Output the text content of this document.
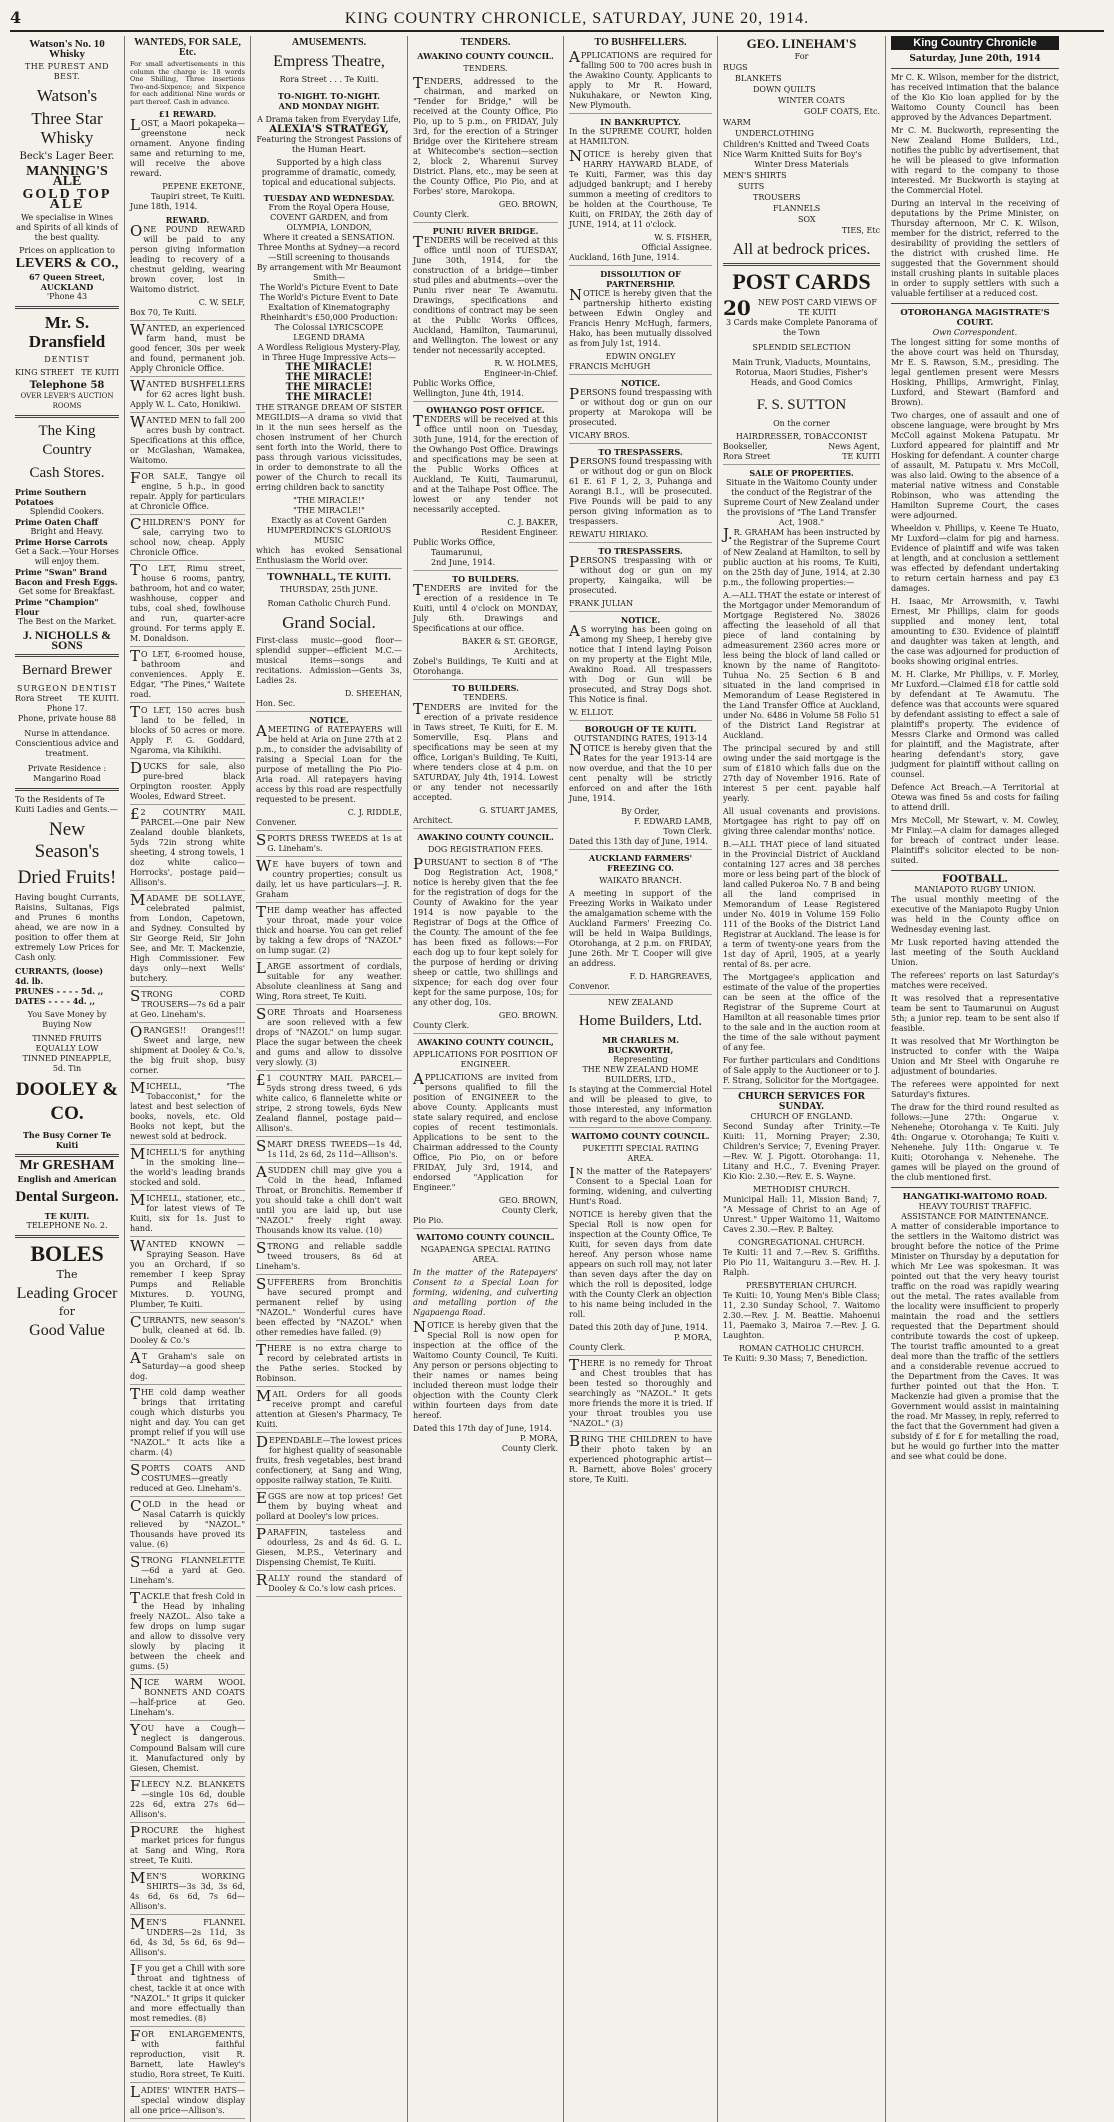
4	KING COUNTRY CHRONICLE, SATURDAY, JUNE 20, 1914.
Watson's No. 10 Whisky
THE PUREST AND BEST.
Watson's
Three Star Whisky
Beck's Lager Beer.
MANNING'S ALE
GOLD TOP ALE
We specialise in Wines and Spirits of all kinds of the best quality.
Prices on application to
LEVERS & CO.,
67 Queen Street, AUCKLAND
'Phone 43
Mr. S. Dransfield
DENTIST
KING STREET TE KUITI
Telephone 58
OVER LEVER'S AUCTION ROOMS
The King Country
Cash Stores.
Prime Southern Potatoes
Splendid Cookers.
Prime Oaten Chaff
Bright and Heavy.
Prime Horse Carrots
Get a Sack.—Your Horses will enjoy them.
Prime "Swan" Brand Bacon and Fresh Eggs.
Get some for Breakfast.
Prime "Champion" Flour
The Best on the Market.
J. NICHOLLS & SONS
Bernard Brewer
SURGEON DENTIST
Rora Street TE KUITI.
Phone 17.
Phone, private house 88
Nurse in attendance.
Conscientious advice and treatment.
Private Residence : Mangarino Road
To the Residents of Te Kuiti Ladies and Gents.—
New Season's
Dried Fruits!
Having bought Currants, Raisins, Sultanas, Figs and Prunes 6 months ahead, we are now in a position to offer them at extremely Low Prices for Cash only.
CURRANTS, (loose) 4d. lb.
PRUNES - - - - 5d. ,,
DATES - - - - 4d. ,,
You Save Money by Buying Now
TINNED FRUITS
EQUALLY LOW
TINNED PINEAPPLE, 5d. Tin
DOOLEY & CO.
The Busy Corner Te Kuiti
Mr GRESHAM
English and American
Dental Surgeon.
TE KUITI.
TELEPHONE No. 2.
BOLES
The
Leading Grocer
for
Good Value
WANTEDS, FOR SALE, Etc.
For small advertisements in this column the charge is: 18 words One Shilling, Three insertions Two-and-Sixpence; and Sixpence for each additional Nine words or part thereof. Cash in advance.
£1 REWARD.
LOST, a Maori pokapeka—greenstone neck ornament. Anyone finding same and returning to me, will receive the above reward.
PEPENE EKETONE,
Taupiri street, Te Kuiti.
June 18th, 1914.
REWARD.
ONE POUND REWARD will be paid to any person giving information leading to recovery of a chestnut gelding, wearing brown cover, lost in Waitomo district.
C. W. SELF,
Box 70, Te Kuiti.
WANTED, an experienced farm hand, must be good fencer, 30s per week and found, permanent job. Apply Chronicle Office.
WANTED BUSHFELLERS for 62 acres light bush. Apply W. L. Cato, Honikiwi.
WANTED MEN to fall 200 acres bush by contract. Specifications at this office, or McGlashan, Wamakea, Waitomo.
FOR SALE, Tangye oil engine, 5 h.p., in good repair. Apply for particulars at Chronicle Office.
CHILDREN'S PONY for sale, carrying two to school now, cheap. Apply Chronicle Office.
TO LET, Rimu street, house 6 rooms, pantry, bathroom, hot and co water, washhouse, copper and tubs, coal shed, fowlhouse and run, quarter-acre ground. For terms apply E. M. Donaldson.
TO LET, 6-roomed house, bathroom and conveniences. Apply E. Edgar, "The Pines," Waitete road.
TO LET, 150 acres bush land to be felled, in blocks of 50 acres or more. Apply F. G. Goddard, Ngaroma, via Kihikihi.
DUCKS for sale, also pure-bred black Orpington rooster. Apply Wooles, Edward Street.
£2 COUNTRY MAIL PARCEL—One pair New Zealand double blankets, 5yds 72in strong white sheeting, 4 strong towels, 1 doz white calico—Horrocks', postage paid—Allison's.
MADAME DE SOLLAYE, celebrated palmist, from London, Capetown, and Sydney. Consulted by Sir George Reid, Sir John See, and Mr. T. Mackenzie, High Commissioner. Few days only—next Wells' butchery.
STRONG CORD TROUSERS—7s 6d a pair at Geo. Lineham's.
ORANGES!! Oranges!!! Sweet and large, new shipment at Dooley & Co.'s, the big fruit shop, busy corner.
MICHELL, "The Tobacconist," for the latest and best selection of books, novels, etc. Old Books not kept, but the newest sold at bedrock.
MICHELL'S for anything in the smoking line—the world's leading brands stocked and sold.
MICHELL, stationer, etc., for latest views of Te Kuiti, six for 1s. Just to hand.
WANTED KNOWN — Spraying Season. Have you an Orchard, if so remember I keep Spray Pumps and Reliable Mixtures. D. YOUNG, Plumber, Te Kuiti.
CURRANTS, new season's bulk, cleaned at 6d. lb. Dooley & Co.'s
AT Graham's sale on Saturday—a good sheep dog.
THE cold damp weather brings that irritating cough which disturbs you night and day. You can get prompt relief if you will use "NAZOL." It acts like a charm. (4)
SPORTS COATS AND COSTUMES—greatly reduced at Geo. Lineham's.
COLD in the head or Nasal Catarrh is quickly relieved by "NAZOL." Thousands have proved its value. (6)
STRONG FLANNELETTE—6d a yard at Geo. Lineham's.
TACKLE that fresh Cold in the Head by inhaling freely NAZOL. Also take a few drops on lump sugar and allow to dissolve very slowly by placing it between the cheek and gums. (5)
NICE WARM WOOL BONNETS AND COATS—half-price at Geo. Lineham's.
YOU have a Cough—neglect is dangerous. Compound Balsam will cure it. Manufactured only by Giesen, Chemist.
FLEECY N.Z. BLANKETS—single 10s 6d, double 22s 6d, extra 27s 6d—Allison's.
PROCURE the highest market prices for fungus at Sang and Wing, Rora street, Te Kuiti.
MEN'S WORKING SHIRTS—3s 3d, 3s 6d, 4s 6d, 6s 6d, 7s 6d—Allison's.
MEN'S FLANNEL UNDERS—2s 11d, 3s 6d, 4s 3d, 5s 6d, 6s 9d—Allison's.
IF you get a Chill with sore throat and tightness of chest, tackle it at once with "NAZOL." It grips it quicker and more effectually than most remedies. (8)
FOR ENLARGEMENTS, with faithful reproduction, visit R. Barnett, late Hawley's studio, Rora street, Te Kuiti.
LADIES' WINTER HATS—special window display all one price—Allison's.
AMUSEMENTS.
Empress Theatre,
Rora Street . . . Te Kuiti.
TO-NIGHT. TO-NIGHT.
AND MONDAY NIGHT.
A Drama taken from Everyday Life,
ALEXIA'S STRATEGY,
Featuring the Strongest Passions of the Human Heart.
Supported by a high class programme of dramatic, comedy, topical and educational subjects.
TUESDAY AND WEDNESDAY.
From the Royal Opera House, COVENT GARDEN, and from OLYMPIA, LONDON,
Where it created a SENSATION.
Three Months at Sydney—a record—Still screening to thousands
By arrangement with Mr Beaumont Smith—
The World's Picture Event to Date The World's Picture Event to Date Exaltation of Kinematography Rheinhardt's £50,000 Production:
The Colossal LYRICSCOPE LEGEND DRAMA
A Wordless Religious Mystery-Play, in Three Huge Impressive Acts—
THE MIRACLE!
THE MIRACLE!
THE MIRACLE!
THE MIRACLE!
THE STRANGE DREAM OF SISTER MEGILDIS—A drama so vivid that in it the nun sees herself as the chosen instrument of her Church sent forth into the World, there to pass through various vicissitudes, in order to demonstrate to all the power of the Church to recall its erring children back to sanctity
"THE MIRACLE!"
"THE MIRACLE!"
Exactly as at Covent Garden HUMPERDINCK'S GLORIOUS MUSIC
which has evoked Sensational Enthusiasm the World over.
TOWNHALL, TE KUITI.
THURSDAY, 25th JUNE.
Roman Catholic Church Fund.
Grand Social.
First-class music—good floor—splendid supper—efficient M.C.—musical items—songs and recitations. Admission—Gents 3s, Ladies 2s.
D. SHEEHAN,
Hon. Sec.
NOTICE.
AMEETING of RATEPAYERS will be held at Aria on June 27th at 2 p.m., to consider the advisability of raising a Special Loan for the purpose of metalling the Pio Pio-Aria road. All ratepayers having access by this road are respectfully requested to be present.
C. J. RIDDLE,
Convener.
SPORTS DRESS TWEEDS at 1s at G. Lineham's.
WE have buyers of town and country properties; consult us daily, let us have particulars—J. R. Graham
THE damp weather has affected your throat, made your voice thick and hoarse. You can get relief by taking a few drops of "NAZOL" on lump sugar. (2)
LARGE assortment of cordials, suitable for any weather. Absolute cleanliness at Sang and Wing, Rora street, Te Kuiti.
SORE Throats and Hoarseness are soon relieved with a few drops of "NAZOL" on lump sugar. Place the sugar between the cheek and gums and allow to dissolve very slowly. (3)
£1 COUNTRY MAIL PARCEL—5yds strong dress tweed, 6 yds white calico, 6 flannelette white or stripe, 2 strong towels, 6yds New Zealand flannel, postage paid—Allison's.
SMART DRESS TWEEDS—1s 4d, 1s 11d, 2s 6d, 2s 11d—Allison's.
ASUDDEN chill may give you a Cold in the head, Inflamed Throat, or Bronchitis. Remember if you should take a chill don't wait until you are laid up, but use "NAZOL" freely right away. Thousands know its value. (10)
STRONG and reliable saddle tweed trousers, 8s 6d at Lineham's.
SUFFERERS from Bronchitis have secured prompt and permanent relief by using "NAZOL." Wonderful cures have been effected by "NAZOL" when other remedies have failed. (9)
THERE is no extra charge to record by celebrated artists in the Pathe series. Stocked by Robinson.
MAIL Orders for all goods receive prompt and careful attention at Giesen's Pharmacy, Te Kuiti.
DEPENDABLE—The lowest prices for highest quality of seasonable fruits, fresh vegetables, best brand confectionery, at Sang and Wing, opposite railway station, Te Kuiti.
EGGS are now at top prices! Get them by buying wheat and pollard at Dooley's low prices.
PARAFFIN, tasteless and odourless, 2s and 4s 6d. G. L. Giesen, M.P.S., Veterinary and Dispensing Chemist, Te Kuiti.
RALLY round the standard of Dooley & Co.'s low cash prices.
TENDERS.
AWAKINO COUNTY COUNCIL.
TENDERS.
TENDERS, addressed to the chairman, and marked on "Tender for Bridge," will be received at the County Office, Pio Pio, up to 5 p.m., on FRIDAY, July 3rd, for the erection of a Stringer Bridge over the Kiritehere stream at Whitecombe's section—section 2, block 2, Wharenui Survey District. Plans, etc., may be seen at the County Office, Pio Pio, and at Forbes' store, Marokopa.
GEO. BROWN,
County Clerk.
PUNIU RIVER BRIDGE.
TENDERS will be received at this office until noon of TUESDAY, June 30th, 1914, for the construction of a bridge—timber stud piles and abutments—over the Puniu river near Te Awamutu. Drawings, specifications and conditions of contract may be seen at the Public Works Offices, Auckland, Hamilton, Taumarunui, and Wellington. The lowest or any tender not necessarily accepted.
R. W. HOLMES,
Engineer-in-Chief.
Public Works Office,
Wellington, June 4th, 1914.
OWHANGO POST OFFICE.
TENDERS will be received at this office until noon on Tuesday, 30th June, 1914, for the erection of the Owhango Post Office. Drawings and specifications may be seen at the Public Works Offices at Auckland, Te Kuiti, Taumarunui, and at the Taihape Post Office. The lowest or any tender not necessarily accepted.
C. J. BAKER,
Resident Engineer.
Public Works Office,
Taumarunui,
2nd June, 1914.
TO BUILDERS.
TENDERS are invited for the erection of a residence in Te Kuiti, until 4 o'clock on MONDAY, July 6th. Drawings and Specifications at our office.
BAKER & ST. GEORGE,
Architects,
Zobel's Buildings, Te Kuiti and at Otorohanga.
TO BUILDERS.
TENDERS.
TENDERS are invited for the erection of a private residence in Taws street, Te Kuiti, for E. M. Somerville, Esq. Plans and specifications may be seen at my office, Lorigan's Building, Te Kuiti, where tenders close at 4 p.m. on SATURDAY, July 4th, 1914. Lowest or any tender not necessarily accepted.
G. STUART JAMES,
Architect.
AWAKINO COUNTY COUNCIL.
DOG REGISTRATION FEES.
PURSUANT to section 8 of "The Dog Registration Act, 1908," notice is hereby given that the fee for the registration of dogs for the County of Awakino for the year 1914 is now payable to the Registrar of Dogs at the Office of the County. The amount of the fee has been fixed as follows:—For each dog up to four kept solely for the purpose of herding or driving sheep or cattle, two shillings and sixpence; for each dog over four kept for the same purpose, 10s; for any other dog, 10s.
GEO. BROWN.
County Clerk.
AWAKINO COUNTY COUNCIL,
APPLICATIONS FOR POSITION OF ENGINEER.
APPLICATIONS are invited from persons qualified to fill the position of ENGINEER to the above County. Applicants must state salary required, and enclose copies of recent testimonials. Applications to be sent to the Chairman addressed to the County Office, Pio Pio, on or before FRIDAY, July 3rd, 1914, and endorsed "Application for Engineer."
GEO. BROWN,
County Clerk,
Pio Pio.
WAITOMO COUNTY COUNCIL.
NGAPAENGA SPECIAL RATING AREA.
In the matter of the Ratepayers' Consent to a Special Loan for forming, widening, and culverting and metalling portion of the Ngapaenga Road.
NOTICE is hereby given that the Special Roll is now open for inspection at the office of the Waitomo County Council, Te Kuiti. Any person or persons objecting to their names or names being included thereon must lodge their objection with the County Clerk within fourteen days from date hereof.
Dated this 17th day of June, 1914.
P. MORA,
County Clerk.
TO BUSHFELLERS.
APPLICATIONS are required for falling 500 to 700 acres bush in the Awakino County. Applicants to apply to Mr R. Howard, Nukuhakare, or Newton King, New Plymouth.
IN BANKRUPTCY.
In the SUPREME COURT, holden at HAMILTON.
NOTICE is hereby given that HARRY HAYWARD BLADE, of Te Kuiti, Farmer, was this day adjudged bankrupt; and I hereby summon a meeting of creditors to be holden at the Courthouse, Te Kuiti, on FRIDAY, the 26th day of JUNE, 1914, at 11 o'clock.
W. S. FISHER,
Official Assignee.
Auckland, 16th June, 1914.
DISSOLUTION OF PARTNERSHIP.
NOTICE is hereby given that the partnership hitherto existing between Edwin Ongley and Francis Henry McHugh, farmers, Hako, has been mutually dissolved as from July 1st, 1914.
EDWIN ONGLEY
FRANCIS McHUGH
NOTICE.
PERSONS found trespassing with or without dog or gun on our property at Marokopa will be prosecuted.
VICARY BROS.
TO TRESPASSERS.
PERSONS found trespassing with or without dog or gun on Block 61 E. 61 F 1, 2, 3, Puhanga and Aorangi B.1., will be prosecuted. Five Pounds will be paid to any person giving information as to trespassers.
REWATU HIRIAKO.
TO TRESPASSERS.
PERSONS trespassing with or without dog or gun on my property, Kaingaika, will be prosecuted.
FRANK JULIAN
NOTICE.
AS worrying has been going on among my Sheep, I hereby give notice that I intend laying Poison on my property at the Eight Mile, Awakino Road. All trespassers with Dog or Gun will be prosecuted, and Stray Dogs shot. This Notice is final.
W. ELLIOT.
BOROUGH OF TE KUITI.
OUTSTANDING RATES, 1913-14
NOTICE is hereby given that the Rates for the year 1913-14 are now overdue, and that the 10 per cent penalty will be strictly enforced on and after the 16th June, 1914.
By Order,
F. EDWARD LAMB,
Town Clerk.
Dated this 13th day of June, 1914.
AUCKLAND FARMERS' FREEZING CO.
WAIKATO BRANCH.
A meeting in support of the Freezing Works in Waikato under the amalgamation scheme with the Auckland Farmers' Freezing Co. will be held in Waipa Buildings, Otorohanga, at 2 p.m. on FRIDAY, June 26th. Mr T. Cooper will give an address.
F. D. HARGREAVES,
Convenor.
NEW ZEALAND
Home Builders, Ltd.
MR CHARLES M. BUCKWORTH,
Representing
THE NEW ZEALAND HOME BUILDERS, LTD.,
Is staying at the Commercial Hotel and will be pleased to give, to those interested, any information with regard to the above Company.
WAITOMO COUNTY COUNCIL.
PUKETITI SPECIAL RATING AREA.
IN the matter of the Ratepayers' Consent to a Special Loan for forming, widening, and culverting Hunt's Road.
NOTICE is hereby given that the Special Roll is now open for inspection at the County Office, Te Kuiti, for seven days from date hereof. Any person whose name appears on such roll may, not later than seven days after the day on which the roll is deposited, lodge with the County Clerk an objection to his name being included in the roll.
Dated this 20th day of June, 1914.
P. MORA,
County Clerk.
THERE is no remedy for Throat and Chest troubles that has been tested so thoroughly and searchingly as "NAZOL." It gets more friends the more it is tried. If your throat troubles you use "NAZOL." (3)
BRING THE CHILDREN to have their photo taken by an experienced photographic artist—R. Barnett, above Boles' grocery store, Te Kuiti.
GEO. LINEHAM'S
For
RUGS
BLANKETS
DOWN QUILTS
WINTER COATS
GOLF COATS, Etc.
WARM
UNDERCLOTHING
Children's Knitted and Tweed Coats
Nice Warm Knitted Suits for Boy's
Winter Dress Materials
MEN'S SHIRTS
SUITS
TROUSERS
FLANNELS
SOX
TIES, Etc
All at bedrock prices.
POST CARDS
20 NEW POST CARD VIEWS OF TE KUITI
3 Cards make Complete Panorama of the Town
SPLENDID SELECTION
Main Trunk, Viaducts, Mountains, Rotorua, Maori Studies, Fisher's Heads, and Good Comics
F. S. SUTTON
On the corner
HAIRDRESSER, TOBACCONIST
Bookseller,	News Agent,
Rora Street	TE KUITI
SALE OF PROPERTIES.
Situate in the Waitomo County under the conduct of the Registrar of the Supreme Court of New Zealand under the provisions of "The Land Transfer Act, 1908."
J.R. GRAHAM has been instructed by the Registrar of the Supreme Court of New Zealand at Hamilton, to sell by public auction at his rooms, Te Kuiti, on the 25th day of June, 1914, at 2.30 p.m., the following properties:—
A.—ALL THAT the estate or interest of the Mortgagor under Memorandum of Mortgage Registered No. 38026 affecting the leasehold of all that piece of land containing by admeasurement 2360 acres more or less being the block of land called or known by the name of Rangitoto-Tuhua No. 25 Section 6 B and situated in the land comprised in Memorandum of Lease Registered in the Land Transfer Office at Auckland, under No. 6486 in Volume 58 Folio 51 of the District Land Registrar at Auckland.
The principal secured by and still owing under the said mortgage is the sum of £1810 which falls due on the 27th day of November 1916. Rate of interest 5 per cent. payable half yearly.
All usual covenants and provisions. Mortgagee has right to pay off on giving three calendar months' notice.
B.—ALL THAT piece of land situated in the Provincial District of Auckland containing 127 acres and 38 perches more or less being part of the block of land called Pukeroa No. 7 B and being all the land comprised in Memorandum of Lease Registered under No. 4019 in Volume 159 Folio 111 of the Books of the District Land Registrar at Auckland. The lease is for a term of twenty-one years from the 1st day of April, 1905, at a yearly rental of 8s. per acre.
The Mortgagee's application and estimate of the value of the properties can be seen at the office of the Registrar of the Supreme Court at Hamilton at all reasonable times prior to the sale and in the auction room at the time of the sale without payment of any fee.
For further particulars and Conditions of Sale apply to the Auctioneer or to J. F. Strang, Solicitor for the Mortgagee.
CHURCH SERVICES FOR SUNDAY.
CHURCH OF ENGLAND.
Second Sunday after Trinity.—Te Kuiti: 11, Morning Prayer; 2.30, Children's Service; 7, Evening Prayer.—Rev. W. J. Pigott. Otorohanga: 11, Litany and H.C., 7. Evening Prayer. Kio Kio: 2.30.—Rev. E. S. Wayne.
METHODIST CHURCH.
Municipal Hall: 11, Mission Band; 7, "A Message of Christ to an Age of Unrest." Upper Waitomo 11, Waitomo Caves 2.30.—Rev. P. Baltey.
CONGREGATIONAL CHURCH.
Te Kuiti: 11 and 7.—Rev. S. Griffiths. Pio Pio 11, Waitanguru 3.—Rev. H. J. Ralph.
PRESBYTERIAN CHURCH.
Te Kuiti: 10, Young Men's Bible Class; 11, 2.30 Sunday School, 7. Waitomo 2.30.—Rev. J. M. Beattie. Mahoenui 11, Paemako 3, Mairoa 7.—Rev. J. G. Laughton.
ROMAN CATHOLIC CHURCH.
Te Kuiti: 9.30 Mass; 7, Benediction.
King Country Chronicle
Saturday, June 20th, 1914
Mr C. K. Wilson, member for the district, has received intimation that the balance of the Kio Kio loan applied for by the Waitomo County Council has been approved by the Advances Department.
Mr C. M. Buckworth, representing the New Zealand Home Builders, Ltd., notifies the public by advertisement, that he will be pleased to give information with regard to the company to those interested. Mr Buckworth is staying at the Commercial Hotel.
During an interval in the receiving of deputations by the Prime Minister, on Thursday afternoon, Mr C. K. Wilson, member for the district, referred to the desirability of providing the settlers of the district with crushed lime. He suggested that the Government should install crushing plants in suitable places in order to supply settlers with such a valuable fertiliser at a reduced cost.
OTOROHANGA MAGISTRATE'S COURT.
Own Correspondent.
The longest sitting for some months of the above court was held on Thursday, Mr E. S. Rawson, S.M., presiding. The legal gentlemen present were Messrs Hosking, Phillips, Armwright, Finlay, Luxford, and Stewart (Bamford and Brown).
Two charges, one of assault and one of obscene language, were brought by Mrs McColl against Mokena Patupatu. Mr Luxford appeared for plaintiff and Mr Hosking for defendant. A counter charge of assault, M. Patupatu v. Mrs McColl, was also laid. Owing to the absence of a material native witness and Constable Robinson, who was attending the Hamilton Supreme Court, the cases were adjourned.
Wheeldon v. Phillips, v. Keene Te Huato, Mr Luxford—claim for pig and harness. Evidence of plaintiff and wife was taken at length, and at conclusion a settlement was effected by defendant undertaking to return certain harness and pay £3 damages.
H. Isaac, Mr Arrowsmith, v. Tawhi Ernest, Mr Phillips, claim for goods supplied and money lent, total amounting to £30. Evidence of plaintiff and daughter was taken at length, and the case was adjourned for production of books showing original entries.
M. H. Clarke, Mr Phillips, v. F. Morley, Mr Luxford.—Claimed £18 for cattle sold by defendant at Te Awamutu. The defence was that accounts were squared by defendant assisting to effect a sale of plaintiff's property. The evidence of Messrs Clarke and Ormond was called for plaintiff, and the Magistrate, after hearing defendant's story, gave judgment for plaintiff without calling on counsel.
Defence Act Breach.—A Territorial at Otewa was fined 5s and costs for failing to attend drill.
Mrs McColl, Mr Stewart, v. M. Cowley, Mr Finlay.—A claim for damages alleged for breach of contract under lease. Plaintiff's solicitor elected to be non-suited.
FOOTBALL.
MANIAPOTO RUGBY UNION.
The usual monthly meeting of the executive of the Maniapoto Rugby Union was held in the County office on Wednesday evening last.
Mr Lusk reported having attended the last meeting of the South Auckland Union.
The referees' reports on last Saturday's matches were received.
It was resolved that a representative team be sent to Taumarunui on August 5th; a junior rep. team to be sent also if feasible.
It was resolved that Mr Worthington be instructed to confer with the Waipa Union and Mr Steel with Ongaruhe re adjustment of boundaries.
The referees were appointed for next Saturday's fixtures.
The draw for the third round resulted as follows:—June 27th: Ongarue v. Nehenehe; Otorohanga v. Te Kuiti. July 4th: Ongarue v. Otorohanga; Te Kuiti v. Nehenehe. July 11th: Ongarue v. Te Kuiti; Otorohanga v. Nehenehe. The games will be played on the ground of the club mentioned first.
HANGATIKI-WAITOMO ROAD.
HEAVY TOURIST TRAFFIC.
ASSISTANCE FOR MAINTENANCE.
A matter of considerable importance to the settlers in the Waitomo district was brought before the notice of the Prime Minister on Thursday by a deputation for which Mr Lee was spokesman. It was pointed out that the very heavy tourist traffic on the road was rapidly wearing out the metal. The rates available from the locality were insufficient to properly maintain the road and the settlers requested that the Department should contribute towards the cost of upkeep. The tourist traffic amounted to a great deal more than the traffic of the settlers and a considerable revenue accrued to the Department from the Caves. It was further pointed out that the Hon. T. Mackenzie had given a promise that the Government would assist in maintaining the road. Mr Massey, in reply, referred to the fact that the Government had given a subsidy of £ for £ for metalling the road, but he would go further into the matter and see what could be done.
